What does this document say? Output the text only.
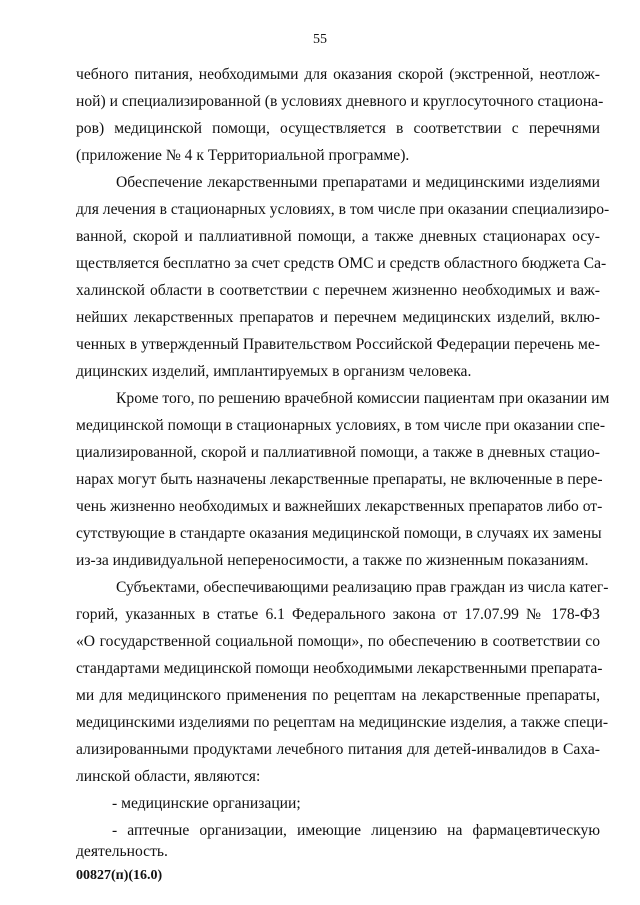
55
чебного питания, необходимыми для оказания скорой (экстренной, неотлож-
ной) и специализированной (в условиях дневного и круглосуточного стациона-
ров) медицинской помощи, осуществляется в соответствии с перечнями
(приложение № 4 к Территориальной программе).
Обеспечение лекарственными препаратами и медицинскими изделиями
для лечения в стационарных условиях, в том числе при оказании специализиро-
ванной, скорой и паллиативной помощи, а также дневных стационарах осу-
ществляется бесплатно за счет средств ОМС и средств областного бюджета Са-
халинской области в соответствии с перечнем жизненно необходимых и важ-
нейших лекарственных препаратов и перечнем медицинских изделий, вклю-
ченных в утвержденный Правительством Российской Федерации перечень ме-
дицинских изделий, имплантируемых в организм человека.
Кроме того, по решению врачебной комиссии пациентам при оказании им
медицинской помощи в стационарных условиях, в том числе при оказании спе-
циализированной, скорой и паллиативной помощи, а также в дневных стацио-
нарах могут быть назначены лекарственные препараты, не включенные в пере-
чень жизненно необходимых и важнейших лекарственных препаратов либо от-
сутствующие в стандарте оказания медицинской помощи, в случаях их замены
из-за индивидуальной непереносимости, а также по жизненным показаниям.
Субъектами, обеспечивающими реализацию прав граждан из числа катег-
горий, указанных в статье 6.1 Федерального закона от 17.07.99 № 178-ФЗ
«О государственной социальной помощи», по обеспечению в соответствии со
стандартами медицинской помощи необходимыми лекарственными препарата-
ми для медицинского применения по рецептам на лекарственные препараты,
медицинскими изделиями по рецептам на медицинские изделия, а также специ-
ализированными продуктами лечебного питания для детей-инвалидов в Саха-
линской области, являются:
- медицинские организации;
- аптечные организации, имеющие лицензию на фармацевтическую
деятельность.
00827(п)(16.0)
